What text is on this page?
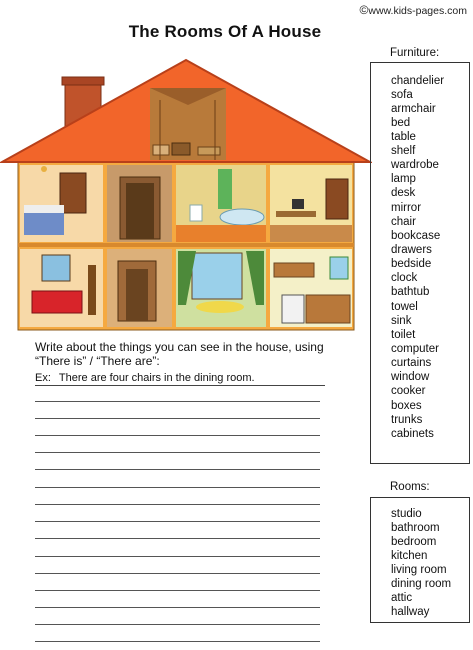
©www.kids-pages.com
The Rooms Of A House
Furniture:
chandelier
sofa
armchair
bed
table
shelf
wardrobe
lamp
desk
mirror
chair
bookcase
drawers
bedside
clock
bathtub
towel
sink
toilet
computer
curtains
window
cooker
boxes
trunks
cabinets
Rooms:
studio
bathroom
bedroom
kitchen
living room
dining room
attic
hallway
Write about the things you can see in the house, using “There is” / “There are”:
Ex: There are four chairs in the dining room.
